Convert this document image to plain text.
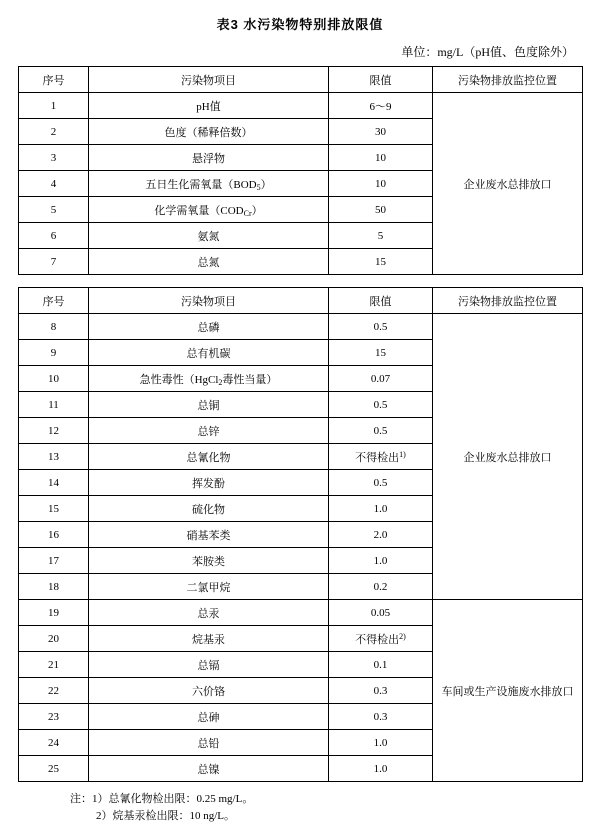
表3 水污染物特别排放限值
单位：mg/L（pH值、色度除外）
序号	污染物项目	限值	污染物排放监控位置
1	pH值	6～9	企业废水总排放口
2	色度（稀释倍数）	30	
3	悬浮物	10	
4	五日生化需氧量（BOD5）	10	
5	化学需氧量（CODCr）	50	
6	氨氮	5	
7	总氮	15	
序号	污染物项目	限值	污染物排放监控位置
8	总磷	0.5	企业废水总排放口
9	总有机碳	15	
10	急性毒性（HgCl2毒性当量）	0.07	
11	总铜	0.5	
12	总锌	0.5	
13	总氰化物	不得检出$^{1)}$
14	挥发酚	0.5	
15	硫化物	1.0	
16	硝基苯类	2.0	
17	苯胺类	1.0	
18	二氯甲烷	0.2	
19	总汞	0.05	车间或生产设施废水排放口
20	烷基汞	不得检出$^{2)}$
21	总镉	0.1	
22	六价铬	0.3	
23	总砷	0.3	
24	总铅	1.0	
25	总镍	1.0	
注：1）总氰化物检出限：0.25 mg/L。
2）烷基汞检出限：10 ng/L。
